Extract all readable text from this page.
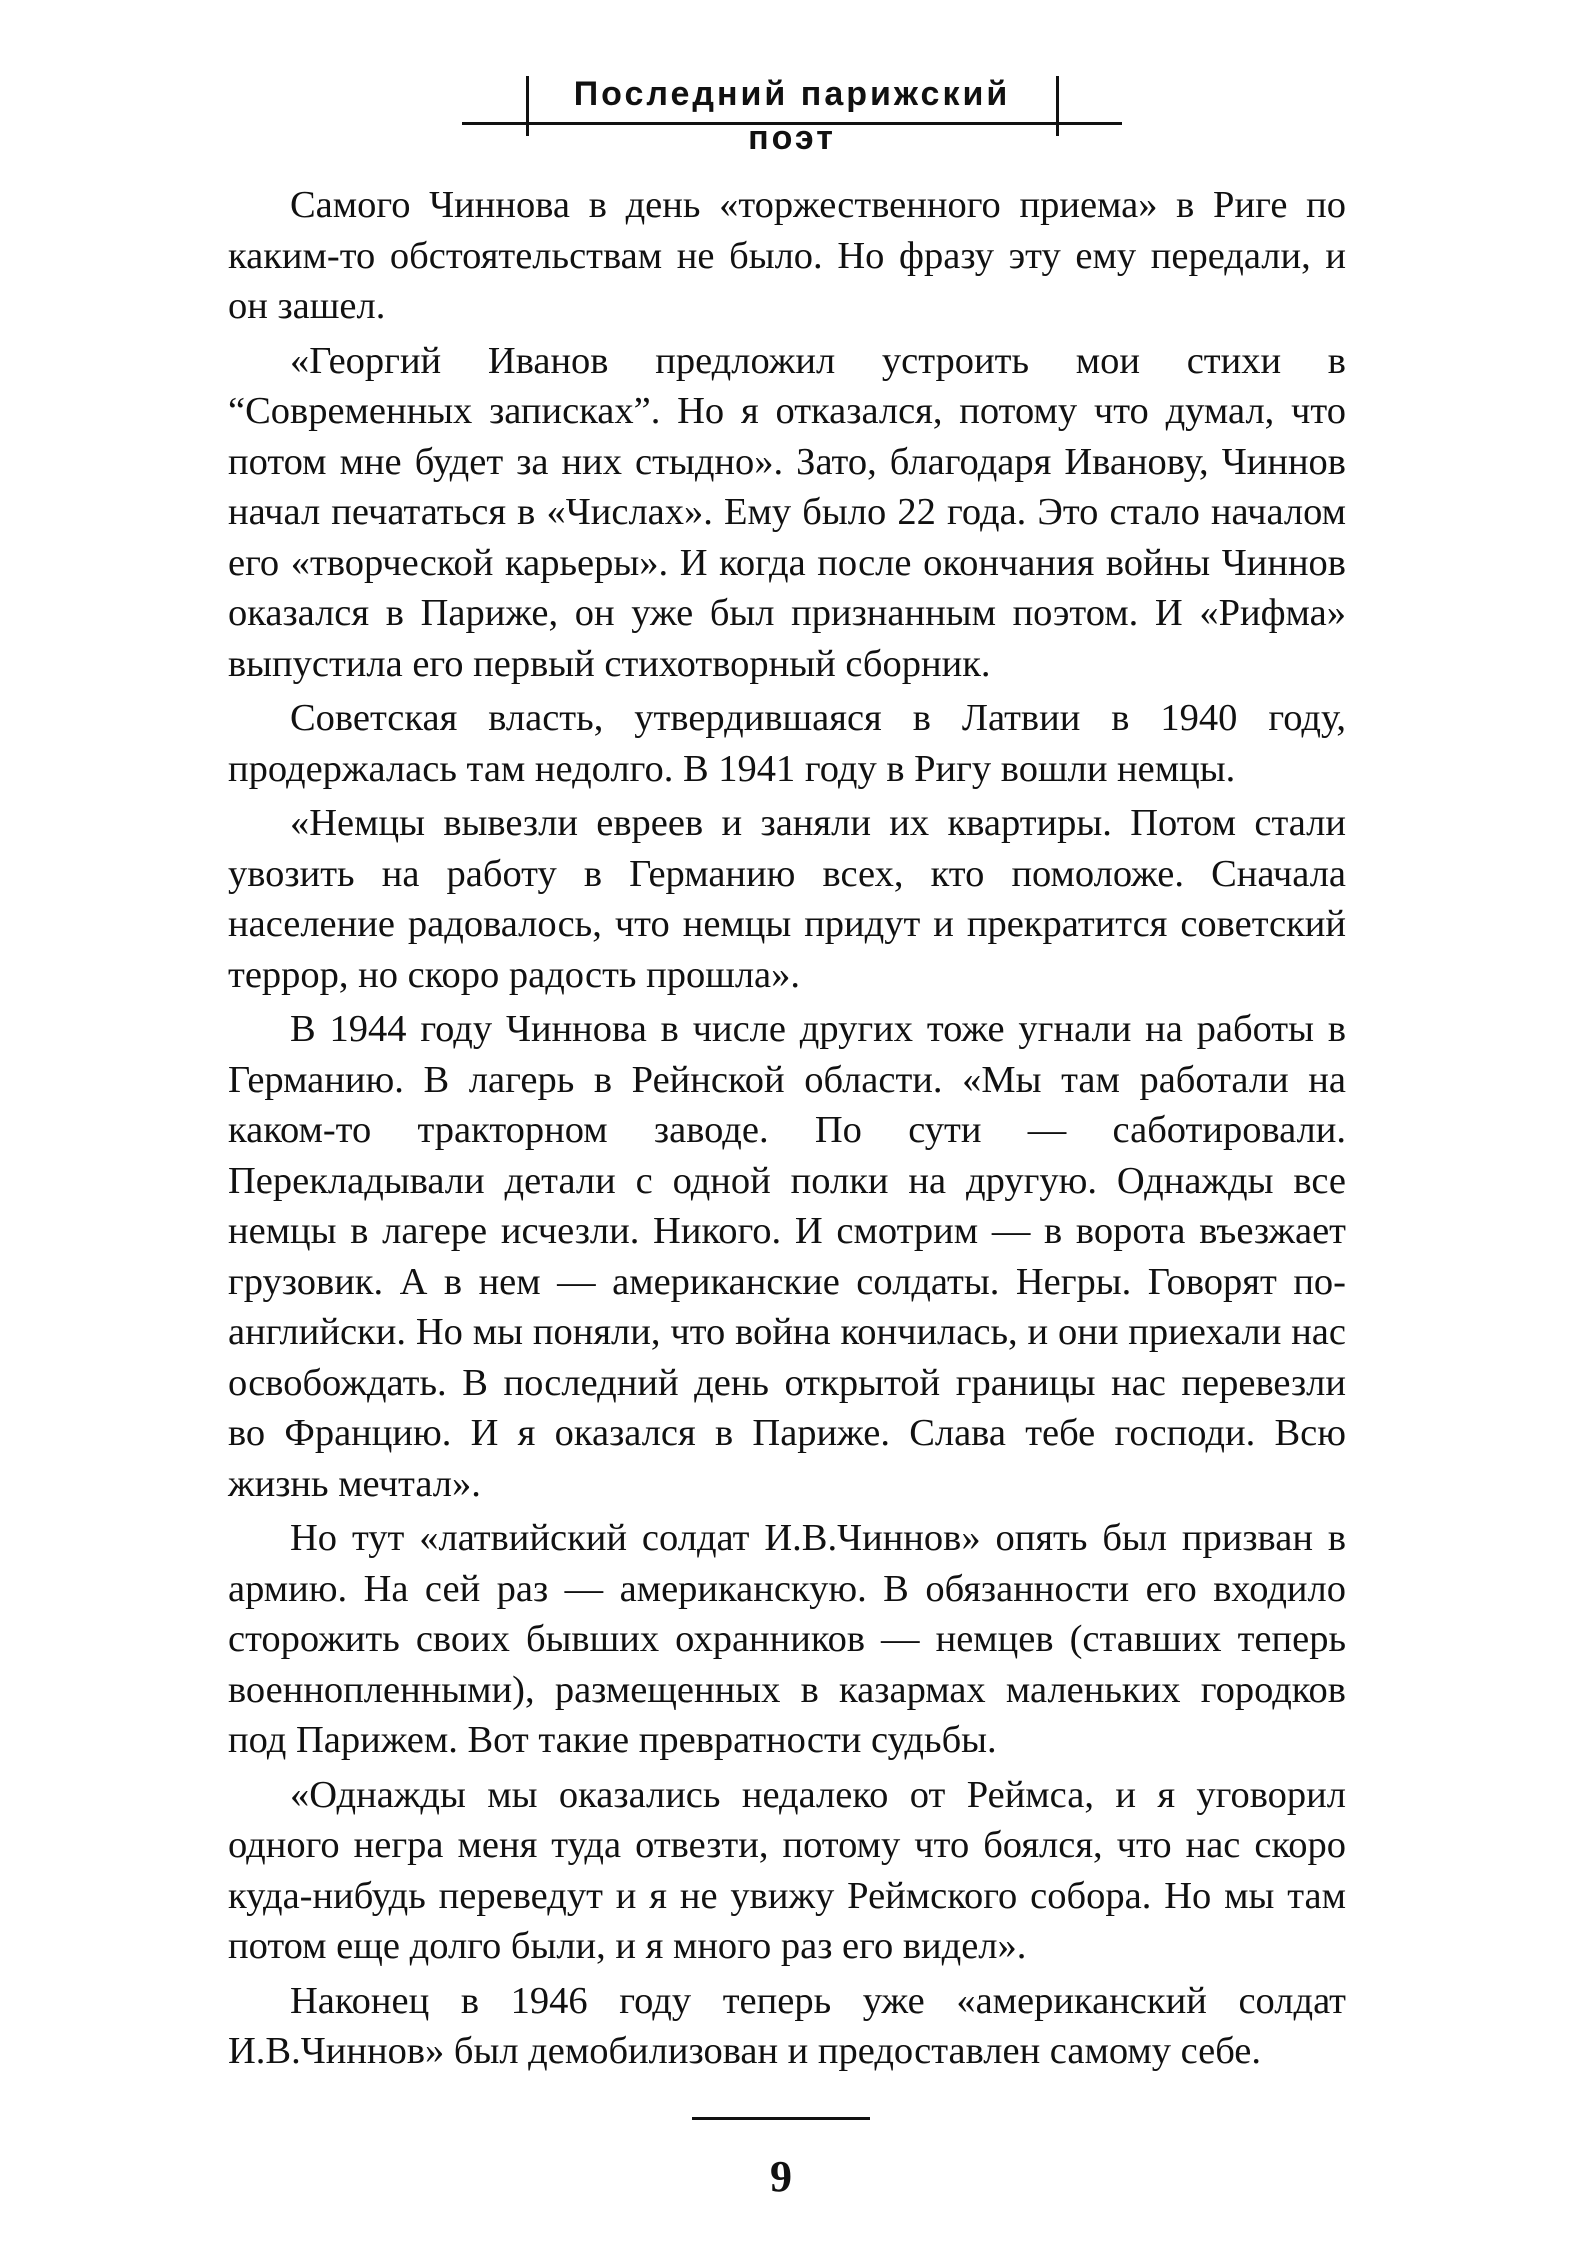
Последний парижский поэт

Самого Чиннова в день «торжественного приема» в Риге по каким-то обстоятельствам не было. Но фразу эту ему передали, и он зашел.

«Георгий Иванов предложил устроить мои стихи в “Современных записках”. Но я отказался, потому что думал, что потом мне будет за них стыдно». Зато, благодаря Иванову, Чиннов начал печататься в «Числах». Ему было 22 года. Это стало началом его «творческой карьеры». И когда после окончания войны Чиннов оказался в Париже, он уже был признанным поэтом. И «Рифма» выпустила его первый стихотворный сборник.

Советская власть, утвердившаяся в Латвии в 1940 году, продержалась там недолго. В 1941 году в Ригу вошли немцы.

«Немцы вывезли евреев и заняли их квартиры. Потом стали увозить на работу в Германию всех, кто помоложе. Сначала население радовалось, что немцы придут и прекратится советский террор, но скоро радость прошла».

В 1944 году Чиннова в числе других тоже угнали на работы в Германию. В лагерь в Рейнской области. «Мы там работали на каком-то тракторном заводе. По сути — саботировали. Перекладывали детали с одной полки на другую. Однажды все немцы в лагере исчезли. Никого. И смотрим — в ворота въезжает грузовик. А в нем — американские солдаты. Негры. Говорят по-английски. Но мы поняли, что война кончилась, и они приехали нас освобождать. В последний день открытой границы нас перевезли во Францию. И я оказался в Париже. Слава тебе господи. Всю жизнь мечтал».

Но тут «латвийский солдат И.В.Чиннов» опять был призван в армию. На сей раз — американскую. В обязанности его входило сторожить своих бывших охранников — немцев (ставших теперь военнопленными), размещенных в казармах маленьких городков под Парижем. Вот такие превратности судьбы.

«Однажды мы оказались недалеко от Реймса, и я уговорил одного негра меня туда отвезти, потому что боялся, что нас скоро куда-нибудь переведут и я не увижу Реймского собора. Но мы там потом еще долго были, и я много раз его видел».

Наконец в 1946 году теперь уже «американский солдат И.В.Чиннов» был демобилизован и предоставлен самому себе.

9
